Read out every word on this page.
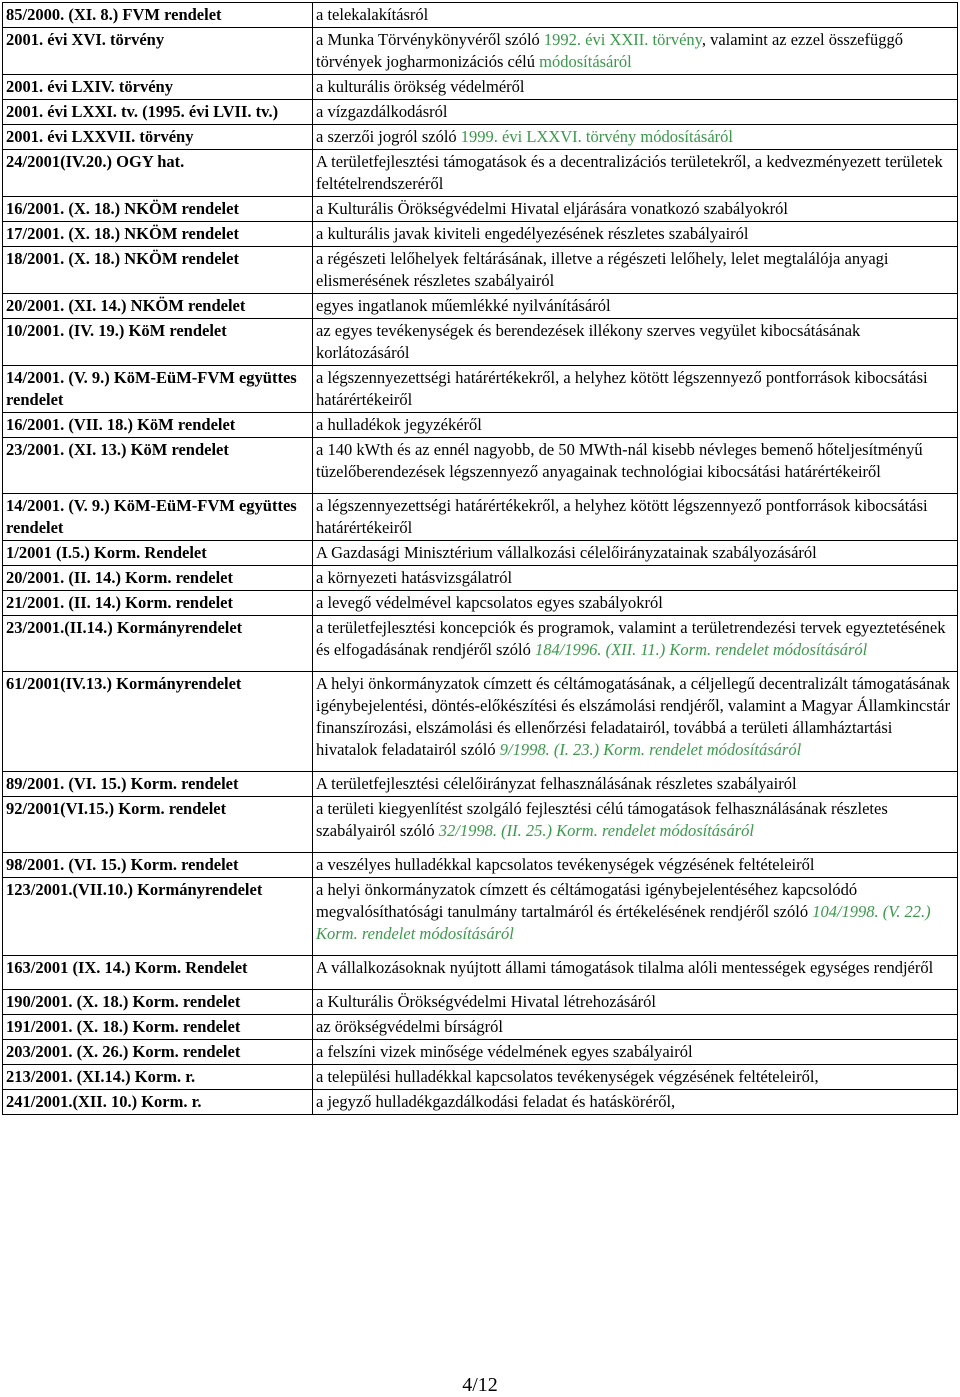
85/2000. (XI. 8.) FVM rendelet	a telekalakításról
2001. évi XVI. törvény	a Munka Törvénykönyvéről szóló 1992. évi XXII. törvény, valamint az ezzel összefüggő törvények jogharmonizációs célú módosításáról
2001. évi LXIV. törvény	a kulturális örökség védelméről
2001. évi LXXI. tv. (1995. évi LVII. tv.)	a vízgazdálkodásról
2001. évi LXXVII. törvény	a szerzői jogról szóló 1999. évi LXXVI. törvény módosításáról
24/2001(IV.20.) OGY hat.	A területfejlesztési támogatások és a decentralizációs területekről, a kedvezményezett területek feltételrendszeréről
16/2001. (X. 18.) NKÖM rendelet	a Kulturális Örökségvédelmi Hivatal eljárására vonatkozó szabályokról
17/2001. (X. 18.) NKÖM rendelet	a kulturális javak kiviteli engedélyezésének részletes szabályairól
18/2001. (X. 18.) NKÖM rendelet	a régészeti lelőhelyek feltárásának, illetve a régészeti lelőhely, lelet megtalálója anyagi elismerésének részletes szabályairól
20/2001. (XI. 14.) NKÖM rendelet	egyes ingatlanok műemlékké nyilvánításáról
10/2001. (IV. 19.) KöM rendelet	az egyes tevékenységek és berendezések illékony szerves vegyület kibocsátásának korlátozásáról
14/2001. (V. 9.) KöM-EüM-FVM együttes rendelet	a légszennyezettségi határértékekről, a helyhez kötött légszennyező pontforrások kibocsátási határértékeiről
16/2001. (VII. 18.) KöM rendelet	a hulladékok jegyzékéről
23/2001. (XI. 13.) KöM rendelet	a 140 kWth és az ennél nagyobb, de 50 MWth-nál kisebb névleges bemenő hőteljesítményű tüzelőberendezések légszennyező anyagainak technológiai kibocsátási határértékeiről
14/2001. (V. 9.) KöM-EüM-FVM együttes rendelet	a légszennyezettségi határértékekről, a helyhez kötött légszennyező pontforrások kibocsátási határértékeiről
1/2001 (I.5.) Korm. Rendelet	A Gazdasági Minisztérium vállalkozási célelőirányzatainak szabályozásáról
20/2001. (II. 14.) Korm. rendelet	a környezeti hatásvizsgálatról
21/2001. (II. 14.) Korm. rendelet	a levegő védelmével kapcsolatos egyes szabályokról
23/2001.(II.14.) Kormányrendelet	a területfejlesztési koncepciók és programok, valamint a területrendezési tervek egyeztetésének és elfogadásának rendjéről szóló 184/1996. (XII. 11.) Korm. rendelet módosításáról
61/2001(IV.13.) Kormányrendelet	A helyi önkormányzatok címzett és céltámogatásának, a céljellegű decentralizált támogatásának igénybejelentési, döntés-előkészítési és elszámolási rendjéről, valamint a Magyar Államkincstár finanszírozási, elszámolási és ellenőrzési feladatairól, továbbá a területi államháztartási hivatalok feladatairól szóló 9/1998. (I. 23.) Korm. rendelet módosításáról
89/2001. (VI. 15.) Korm. rendelet	A területfejlesztési célelőirányzat felhasználásának részletes szabályairól
92/2001(VI.15.) Korm. rendelet	a területi kiegyenlítést szolgáló fejlesztési célú támogatások felhasználásának részletes szabályairól szóló 32/1998. (II. 25.) Korm. rendelet módosításáról
98/2001. (VI. 15.) Korm. rendelet	a veszélyes hulladékkal kapcsolatos tevékenységek végzésének feltételeiről
123/2001.(VII.10.) Kormányrendelet	a helyi önkormányzatok címzett és céltámogatási igénybejelentéséhez kapcsolódó megvalósíthatósági tanulmány tartalmáról és értékelésének rendjéről szóló 104/1998. (V. 22.) Korm. rendelet módosításáról
163/2001 (IX. 14.) Korm. Rendelet	A vállalkozásoknak nyújtott állami támogatások tilalma alóli mentességek egységes rendjéről
190/2001. (X. 18.) Korm. rendelet	a Kulturális Örökségvédelmi Hivatal létrehozásáról
191/2001. (X. 18.) Korm. rendelet	az örökségvédelmi bírságról
203/2001. (X. 26.) Korm. rendelet	a felszíni vizek minősége védelmének egyes szabályairól
213/2001. (XI.14.) Korm. r.	a települési hulladékkal kapcsolatos tevékenységek végzésének feltételeiről,
241/2001.(XII. 10.) Korm. r.	a jegyző hulladékgazdálkodási feladat és hatásköréről,
4/12
